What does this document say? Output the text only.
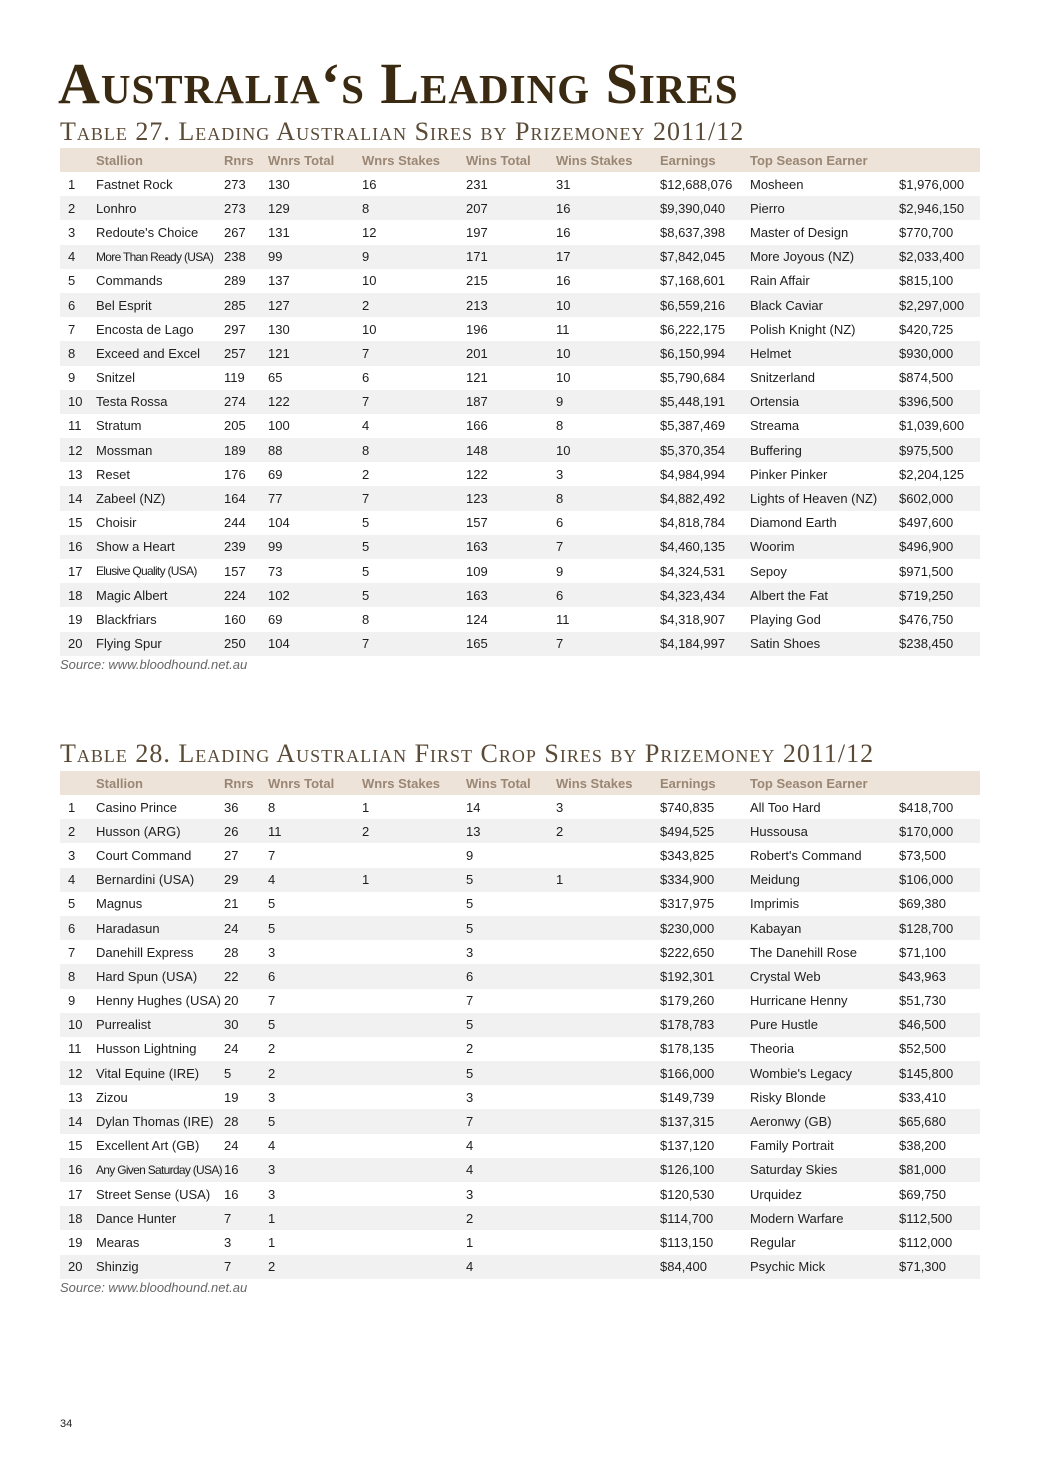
Australia‘s Leading Sires
Table 27. Leading Australian Sires by Prizemoney 2011/12
	Stallion	Rnrs	Wnrs Total	Wnrs Stakes	Wins Total	Wins Stakes	Earnings	Top Season Earner	
1	Fastnet Rock	273	130	16	231	31	$12,688,076	Mosheen	$1,976,000
2	Lonhro	273	129	8	207	16	$9,390,040	Pierro	$2,946,150
3	Redoute's Choice	267	131	12	197	16	$8,637,398	Master of Design	$770,700
4	More Than Ready (USA)	238	99	9	171	17	$7,842,045	More Joyous (NZ)	$2,033,400
5	Commands	289	137	10	215	16	$7,168,601	Rain Affair	$815,100
6	Bel Esprit	285	127	2	213	10	$6,559,216	Black Caviar	$2,297,000
7	Encosta de Lago	297	130	10	196	11	$6,222,175	Polish Knight (NZ)	$420,725
8	Exceed and Excel	257	121	7	201	10	$6,150,994	Helmet	$930,000
9	Snitzel	119	65	6	121	10	$5,790,684	Snitzerland	$874,500
10	Testa Rossa	274	122	7	187	9	$5,448,191	Ortensia	$396,500
11	Stratum	205	100	4	166	8	$5,387,469	Streama	$1,039,600
12	Mossman	189	88	8	148	10	$5,370,354	Buffering	$975,500
13	Reset	176	69	2	122	3	$4,984,994	Pinker Pinker	$2,204,125
14	Zabeel (NZ)	164	77	7	123	8	$4,882,492	Lights of Heaven (NZ)	$602,000
15	Choisir	244	104	5	157	6	$4,818,784	Diamond Earth	$497,600
16	Show a Heart	239	99	5	163	7	$4,460,135	Woorim	$496,900
17	Elusive Quality (USA)	157	73	5	109	9	$4,324,531	Sepoy	$971,500
18	Magic Albert	224	102	5	163	6	$4,323,434	Albert the Fat	$719,250
19	Blackfriars	160	69	8	124	11	$4,318,907	Playing God	$476,750
20	Flying Spur	250	104	7	165	7	$4,184,997	Satin Shoes	$238,450

Source: www.bloodhound.net.au

Table 28. Leading Australian First Crop Sires by Prizemoney 2011/12
	Stallion	Rnrs	Wnrs Total	Wnrs Stakes	Wins Total	Wins Stakes	Earnings	Top Season Earner	
1	Casino Prince	36	8	1	14	3	$740,835	All Too Hard	$418,700
2	Husson (ARG)	26	11	2	13	2	$494,525	Hussousa	$170,000
3	Court Command	27	7		9		$343,825	Robert's Command	$73,500
4	Bernardini (USA)	29	4	1	5	1	$334,900	Meidung	$106,000
5	Magnus	21	5		5		$317,975	Imprimis	$69,380
6	Haradasun	24	5		5		$230,000	Kabayan	$128,700
7	Danehill Express	28	3		3		$222,650	The Danehill Rose	$71,100
8	Hard Spun (USA)	22	6		6		$192,301	Crystal Web	$43,963
9	Henny Hughes (USA)	20	7		7		$179,260	Hurricane Henny	$51,730
10	Purrealist	30	5		5		$178,783	Pure Hustle	$46,500
11	Husson Lightning	24	2		2		$178,135	Theoria	$52,500
12	Vital Equine (IRE)	5	2		5		$166,000	Wombie's Legacy	$145,800
13	Zizou	19	3		3		$149,739	Risky Blonde	$33,410
14	Dylan Thomas (IRE)	28	5		7		$137,315	Aeronwy (GB)	$65,680
15	Excellent Art (GB)	24	4		4		$137,120	Family Portrait	$38,200
16	Any Given Saturday (USA)	16	3		4		$126,100	Saturday Skies	$81,000
17	Street Sense (USA)	16	3		3		$120,530	Urquidez	$69,750
18	Dance Hunter	7	1		2		$114,700	Modern Warfare	$112,500
19	Mearas	3	1		1		$113,150	Regular	$112,000
20	Shinzig	7	2		4		$84,400	Psychic Mick	$71,300

Source: www.bloodhound.net.au

34
